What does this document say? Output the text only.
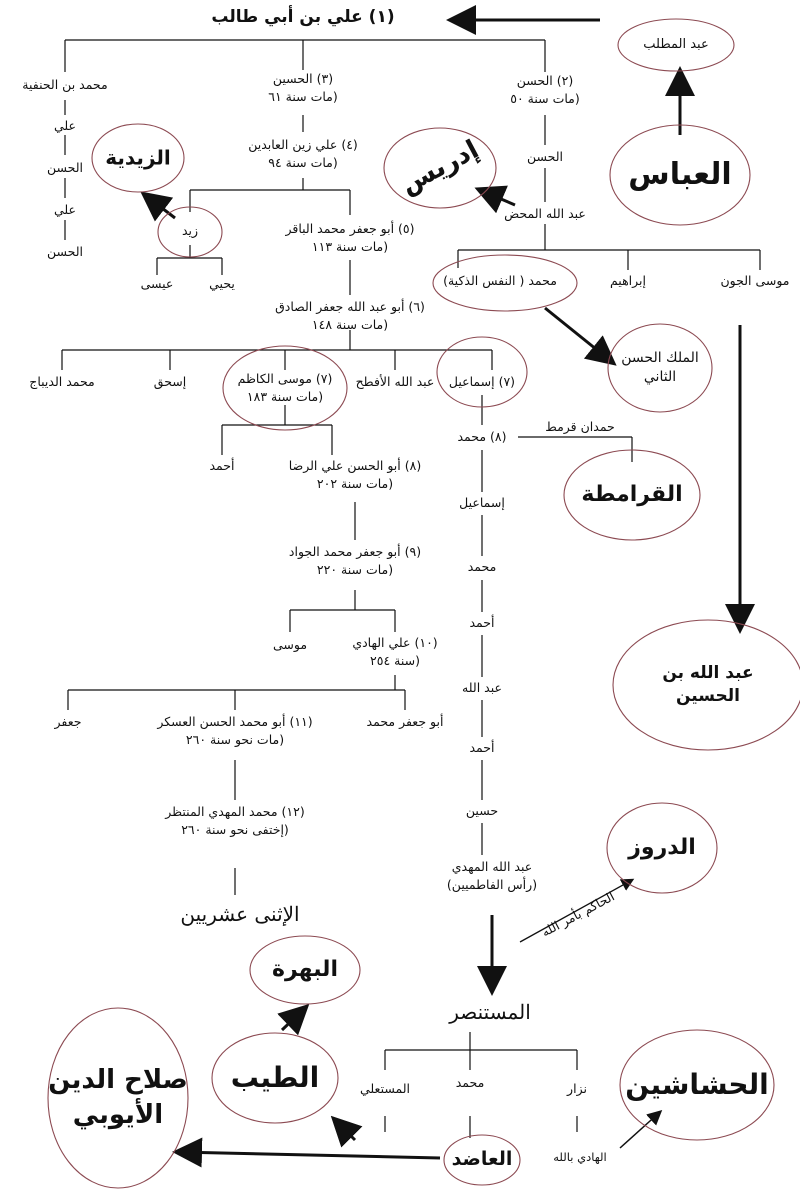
الحاكم بأمر الله
(١) علي بن أبي طالب
محمد بن الحنفية	(٣) الحسين
(مات سنة ٦١
(٢) الحسن
(مات سنة ٥٠
علي
الحسن
علي
الحسن
(٤) علي زين العابدين
(مات سنة ٩٤
(٥) أبو جعفر محمد الباقر
(مات سنة ١١٣
زيد
عيسى	يحيي
الحسن
عبد الله المحض
محمد ( النفس الذكية)	إبراهيم	موسى الجون
(٦) أبو عبد الله جعفر الصادق
(مات سنة ١٤٨
محمد الديباج	إسحق	(٧) موسى الكاظم
(مات سنة ١٨٣
عبد الله الأفطح (٧) إسماعيل
(٨) أبو الحسن علي الرضا
(مات سنة ٢٠٢
أحمد
(٩) أبو جعفر محمد الجواد
(مات سنة ٢٢٠
موسى	(١٠) علي الهادي
(سنة ٢٥٤
جعفر	(١١) أبو محمد الحسن العسكر
(مات نحو سنة ٢٦٠
أبو جعفر محمد
(١٢) محمد المهدي المنتظر
(إختفى نحو سنة ٢٦٠
الإثنى عشريين
(٨) محمد
إسماعيل
محمد
أحمد
عبد الله
أحمد
حسين
حمدان قرمط
عبد الله المهدي
(رأس الفاطميين)
المستنصر
المستعلي	محمد	نزار
الهادي بالله
عبد المطلب
العباس
إدريس
الزيدية
الملك الحسن
الثاني
القرامطة
عبد الله بن الحسين
الدروز
البهرة
الطيب
صلاح الدين
الأيوبي
الحشاشين
العاضد
